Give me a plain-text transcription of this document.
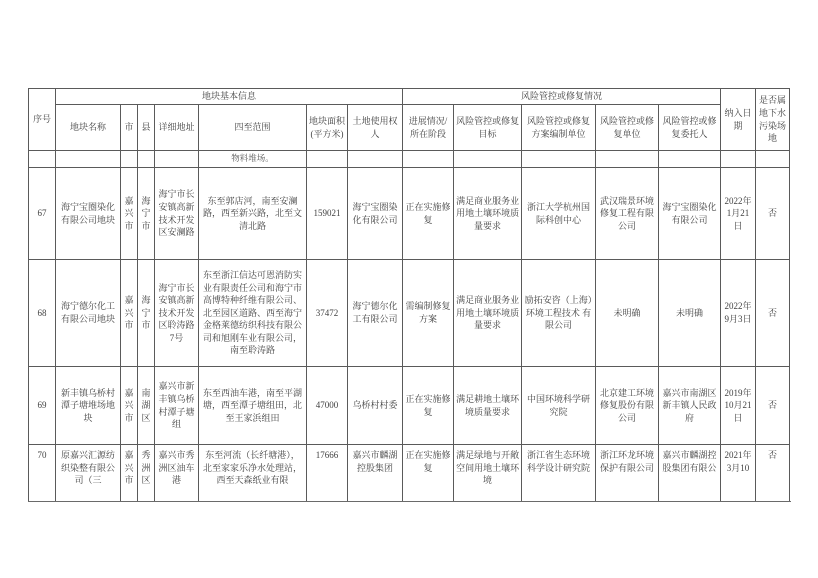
序号	地块基本信息							风险管控或修复情况					纳入日期	是否属地下水污染场地
	地块名称	市	县	详细地址	四至范围	地块面积(平方米)	土地使用权人	进展情况/所在阶段	风险管控或修复目标	风险管控或修复方案编制单位	风险管控或修复单位	风险管控或修复委托人		
					物料堆场。									
67	海宁宝圈染化有限公司地块	嘉兴市	海宁市	海宁市长安镇高新技术开发区安澜路	东至郭店河，南至安澜路，西至新兴路，北至文清北路	159021	海宁宝圈染化有限公司	正在实施修复	满足商业服务业用地土壤环境质量要求	浙江大学杭州国际科创中心	武汉瑞景环境修复工程有限公司	海宁宝圈染化有限公司	2022年1月21日	否
68	海宁德尔化工有限公司地块	嘉兴市	海宁市	海宁市长安镇高新技术开发区聆涛路7号	东至浙江信达可恩消防实业有限责任公司和海宁市高博特种纤维有限公司、北至园区道路、西至海宁金格莱德纺织科技有限公司和旭刚车业有限公司，南至聆涛路	37472	海宁德尔化工有限公司	需编制修复方案	满足商业服务业用地土壤环境质量要求	励拓安咨（上海）环境工程技术 有限公司	未明确	未明确	2022年9月3日	否
69	新丰镇乌桥村潭子塘堆场地块	嘉兴市	南湖区	嘉兴市新丰镇乌桥村潭子塘组	东至西油车港，南至平湖塘，西至潭子塘组田，北至王家浜组田	47000	乌桥村村委	正在实施修复	满足耕地土壤环境质量要求	中国环境科学研究院	北京建工环境修复股份有限公司	嘉兴市南湖区新丰镇人民政府	2019年10月21日	否
70	原嘉兴汇源纺织染整有限公司（三	嘉兴市	秀洲区	嘉兴市秀洲区油车港	东至河流（长纤塘港），北至家家乐净水处理站，西至天森纸业有限	17666	嘉兴市麟湖控股集团	正在实施修复	满足绿地与开敞空间用地土壤环境	浙江省生态环境科学设计研究院	浙江环龙环境保护有限公司	嘉兴市麟湖控股集团有限公	2021年3月10	否
